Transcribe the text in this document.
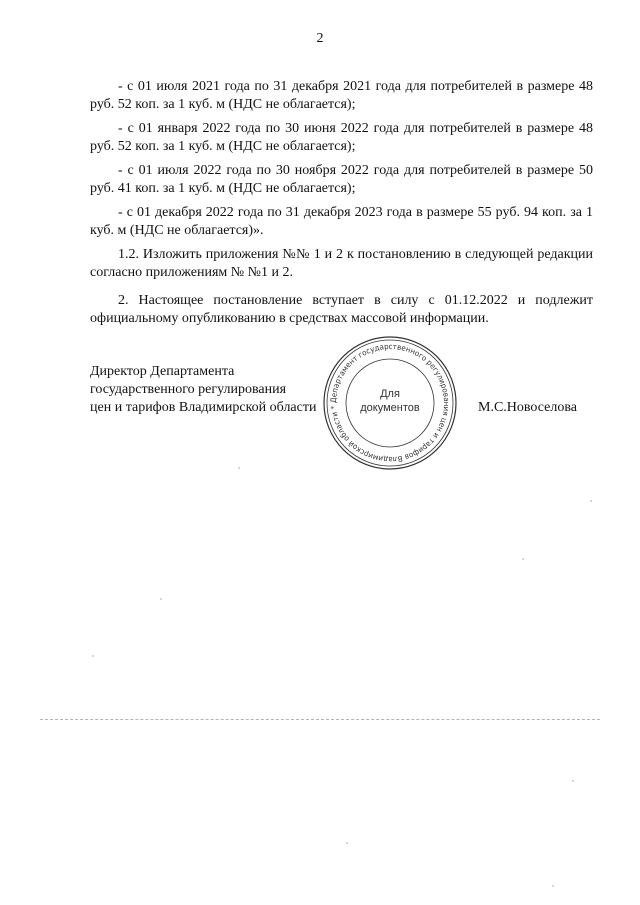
2

- с 01 июля 2021 года по 31 декабря 2021 года для потребителей в размере 48 руб. 52 коп. за 1 куб. м (НДС не облагается);

- с 01 января 2022 года по 30 июня 2022 года для потребителей в размере 48 руб. 52 коп. за 1 куб. м (НДС не облагается);

- с 01 июля 2022 года по 30 ноября 2022 года для потребителей в размере 50 руб. 41 коп. за 1 куб. м (НДС не облагается);

- с 01 декабря 2022 года по 31 декабря 2023 года в размере 55 руб. 94 коп. за 1 куб. м (НДС не облагается)».

1.2. Изложить приложения №№ 1 и 2 к постановлению в следующей редакции согласно приложениям № №1 и 2.

2. Настоящее постановление вступает в силу с 01.12.2022 и подлежит официальному опубликованию в средствах массовой информации.

Директор Департамента
государственного регулирования
цен и тарифов Владимирской области
Департамент государственного регулирования цен и тарифов Владимирской области *
Для
документов	М.С.Новоселова
